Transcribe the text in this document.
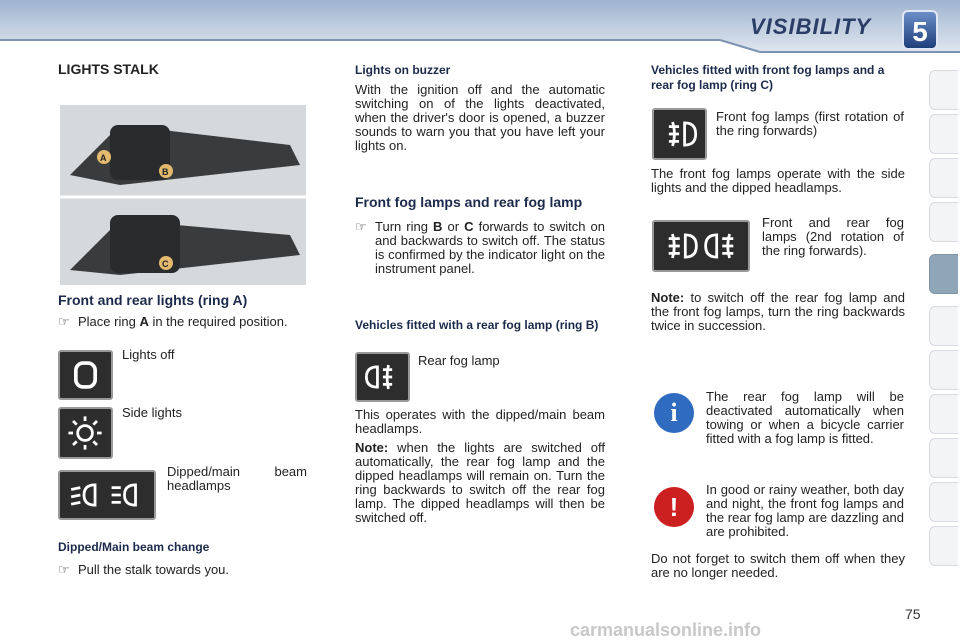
VISIBILITY	5
LIGHTS STALK
A
B
C
Front and rear lights (ring A)
☞ Place ring A in the required position.
Lights off
Side lights
Dipped/main beam headlamps
Dipped/Main beam change
☞ Pull the stalk towards you.
Lights on buzzer
With the ignition off and the automatic switching on of the lights deactivated, when the driver's door is opened, a buzzer sounds to warn you that you have left your lights on.
Front fog lamps and rear fog lamp
☞ Turn ring B or C forwards to switch on and backwards to switch off. The status is confirmed by the indicator light on the instrument panel.
Vehicles fitted with a rear fog lamp (ring B)
Rear fog lamp
This operates with the dipped/main beam headlamps.
Note: when the lights are switched off automatically, the rear fog lamp and the dipped headlamps will remain on. Turn the ring backwards to switch off the rear fog lamp. The dipped headlamps will then be switched off.
Vehicles fitted with front fog lamps and a rear fog lamp (ring C)
Front fog lamps (first rotation of the ring forwards)
The front fog lamps operate with the side lights and the dipped headlamps.
Front and rear fog lamps (2nd rotation of the ring forwards).
Note: to switch off the rear fog lamp and the front fog lamps, turn the ring backwards twice in succession.
i
The rear fog lamp will be deactivated automatically when towing or when a bicycle carrier fitted with a fog lamp is fitted.
!
In good or rainy weather, both day and night, the front fog lamps and the rear fog lamp are dazzling and are prohibited.
Do not forget to switch them off when they are no longer needed.
75
carmanualsonline.info
